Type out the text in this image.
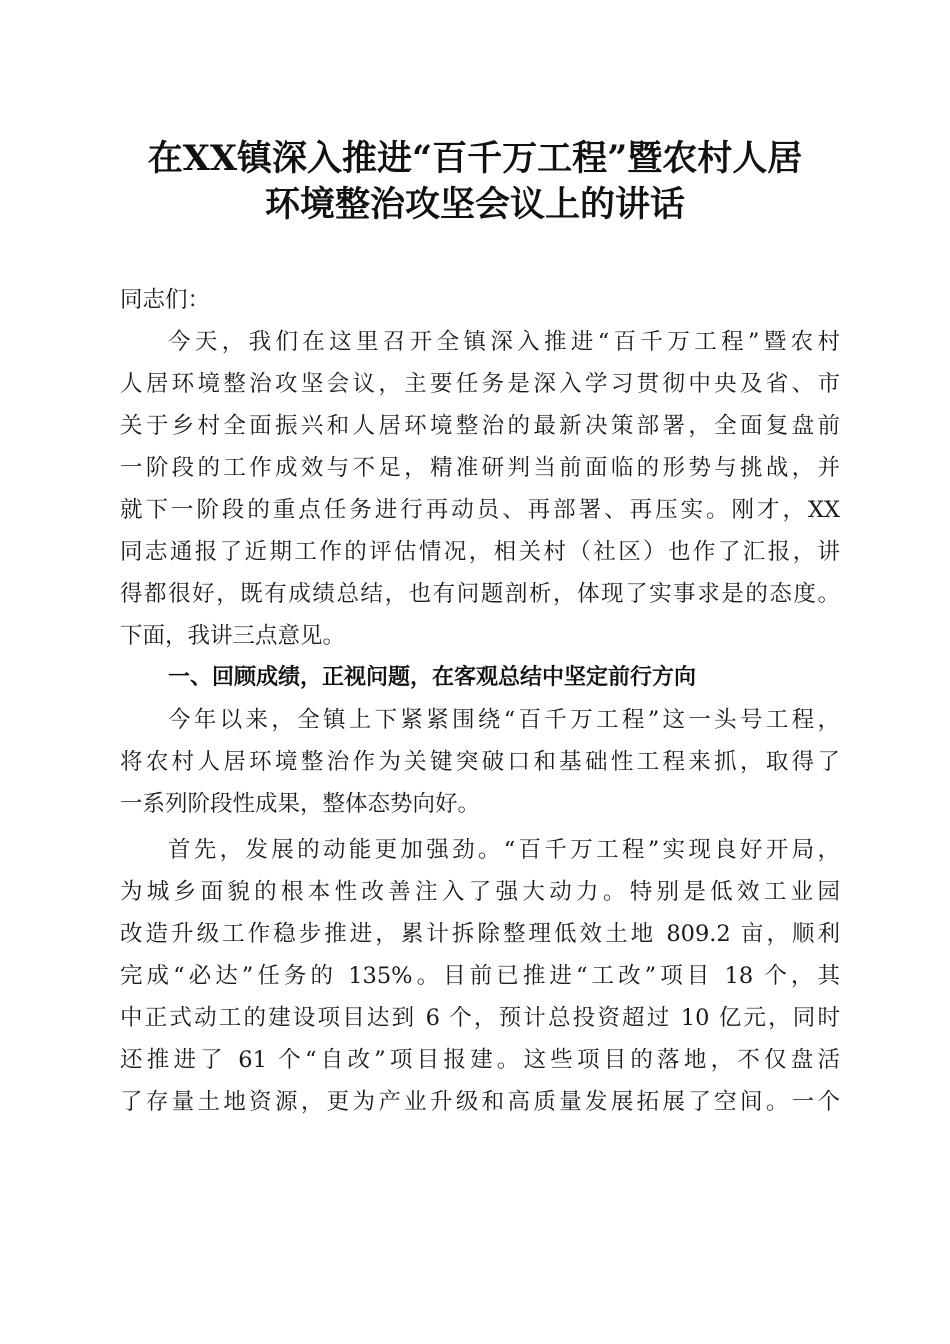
在XX镇深入推进“百千万工程”暨农村人居
环境整治攻坚会议上的讲话
同志们：
今天，我们在这里召开全镇深入推进“百千万工程”暨农村
人居环境整治攻坚会议，主要任务是深入学习贯彻中央及省、市
关于乡村全面振兴和人居环境整治的最新决策部署，全面复盘前
一阶段的工作成效与不足，精准研判当前面临的形势与挑战，并
就下一阶段的重点任务进行再动员、再部署、再压实。刚才，XX
同志通报了近期工作的评估情况，相关村（社区）也作了汇报，讲
得都很好，既有成绩总结，也有问题剖析，体现了实事求是的态度。
下面，我讲三点意见。
一、回顾成绩，正视问题，在客观总结中坚定前行方向
今年以来，全镇上下紧紧围绕“百千万工程”这一头号工程，
将农村人居环境整治作为关键突破口和基础性工程来抓，取得了
一系列阶段性成果，整体态势向好。
首先，发展的动能更加强劲。“百千万工程”实现良好开局，
为城乡面貌的根本性改善注入了强大动力。特别是低效工业园
改造升级工作稳步推进，累计拆除整理低效土地 809.2 亩，顺利
完成“必达”任务的 135%。目前已推进“工改”项目 18 个，其
中正式动工的建设项目达到 6 个，预计总投资超过 10 亿元，同时
还推进了 61 个“自改”项目报建。这些项目的落地，不仅盘活
了存量土地资源，更为产业升级和高质量发展拓展了空间。一个
